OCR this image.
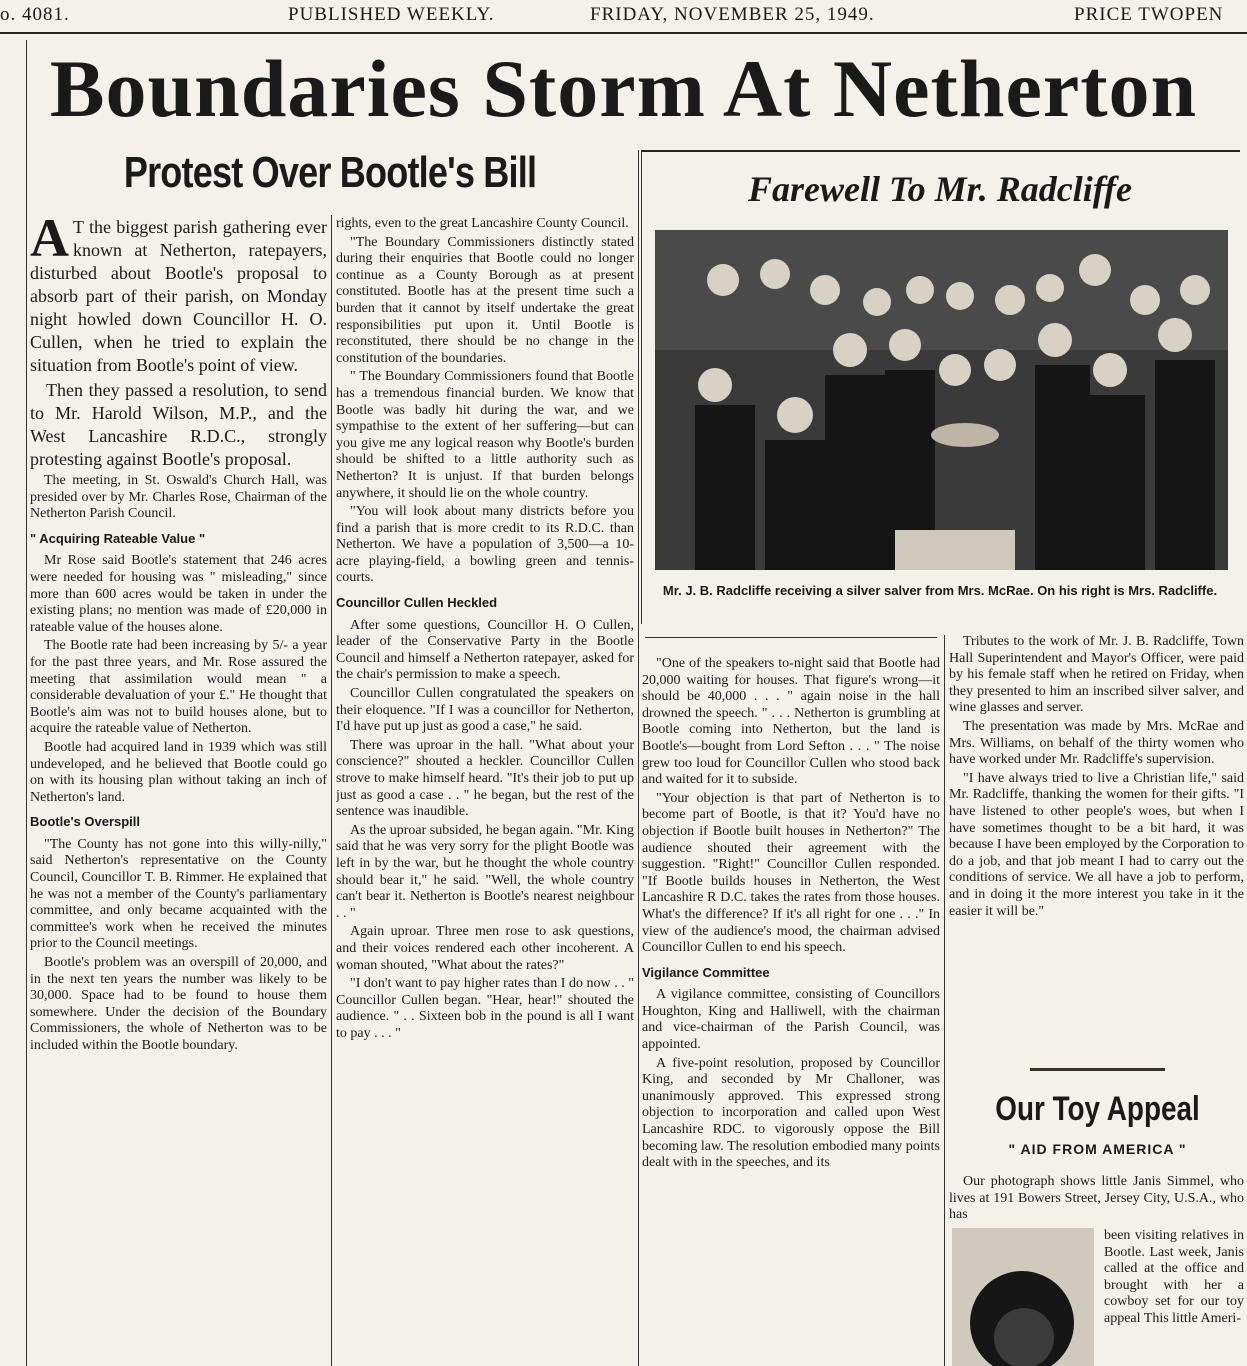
o. 4081.	PUBLISHED WEEKLY.	FRIDAY, NOVEMBER 25, 1949.	PRICE TWOPEN
Boundaries Storm At Netherton
Protest Over Bootle's Bill	Farewell To Mr. Radcliffe
Mr. J. B. Radcliffe receiving a silver salver from Mrs. McRae. On his right is Mrs. Radcliffe.

A T the biggest parish gathering ever known at Netherton, ratepayers, disturbed about Bootle's proposal to absorb part of their parish, on Monday night howled down Councillor H. O. Cullen, when he tried to explain the situation from Bootle's point of view.

Then they passed a resolution, to send to Mr. Harold Wilson, M.P., and the West Lancashire R.D.C., strongly protesting against Bootle's proposal.

The meeting, in St. Oswald's Church Hall, was presided over by Mr. Charles Rose, Chairman of the Netherton Parish Council.

" Acquiring Rateable Value "

Mr Rose said Bootle's statement that 246 acres were needed for housing was " misleading," since more than 600 acres would be taken in under the existing plans; no mention was made of £20,000 in rateable value of the houses alone.

The Bootle rate had been increasing by 5/- a year for the past three years, and Mr. Rose assured the meeting that assimilation would mean " a considerable devaluation of your £." He thought that Bootle's aim was not to build houses alone, but to acquire the rateable value of Netherton.

Bootle had acquired land in 1939 which was still undeveloped, and he believed that Bootle could go on with its housing plan without taking an inch of Netherton's land.

Bootle's Overspill

"The County has not gone into this willy-nilly," said Netherton's representative on the County Council, Councillor T. B. Rimmer. He explained that he was not a member of the County's parliamentary committee, and only became acquainted with the committee's work when he received the minutes prior to the Council meetings.

Bootle's problem was an overspill of 20,000, and in the next ten years the number was likely to be 30,000. Space had to be found to house them somewhere. Under the decision of the Boundary Commissioners, the whole of Netherton was to be included within the Bootle boundary.

rights, even to the great Lancashire County Council.

"The Boundary Commissioners distinctly stated during their enquiries that Bootle could no longer continue as a County Borough as at present constituted. Bootle has at the present time such a burden that it cannot by itself undertake the great responsibilities put upon it. Until Bootle is reconstituted, there should be no change in the constitution of the boundaries.

" The Boundary Commissioners found that Bootle has a tremendous financial burden. We know that Bootle was badly hit during the war, and we sympathise to the extent of her suffering—but can you give me any logical reason why Bootle's burden should be shifted to a little authority such as Netherton? It is unjust. If that burden belongs anywhere, it should lie on the whole country.

"You will look about many districts before you find a parish that is more credit to its R.D.C. than Netherton. We have a population of 3,500—a 10-acre playing-field, a bowling green and tennis-courts.

Councillor Cullen Heckled

After some questions, Councillor H. O Cullen, leader of the Conservative Party in the Bootle Council and himself a Netherton ratepayer, asked for the chair's permission to make a speech.

Councillor Cullen congratulated the speakers on their eloquence. "If I was a councillor for Netherton, I'd have put up just as good a case," he said.

There was uproar in the hall. "What about your conscience?" shouted a heckler. Councillor Cullen strove to make himself heard. "It's their job to put up just as good a case . . " he began, but the rest of the sentence was inaudible.

As the uproar subsided, he began again. "Mr. King said that he was very sorry for the plight Bootle was left in by the war, but he thought the whole country should bear it," he said. "Well, the whole country can't bear it. Netherton is Bootle's nearest neighbour . . "

Again uproar. Three men rose to ask questions, and their voices rendered each other incoherent. A woman shouted, "What about the rates?"

"I don't want to pay higher rates than I do now . . " Councillor Cullen began. "Hear, hear!" shouted the audience. " . . Sixteen bob in the pound is all I want to pay . . . "

"One of the speakers to-night said that Bootle had 20,000 waiting for houses. That figure's wrong—it should be 40,000 . . . " again noise in the hall drowned the speech. " . . . Netherton is grumbling at Bootle coming into Netherton, but the land is Bootle's—bought from Lord Sefton . . . " The noise grew too loud for Councillor Cullen who stood back and waited for it to subside.

"Your objection is that part of Netherton is to become part of Bootle, is that it? You'd have no objection if Bootle built houses in Netherton?" The audience shouted their agreement with the suggestion. "Right!" Councillor Cullen responded. "If Bootle builds houses in Netherton, the West Lancashire R D.C. takes the rates from those houses. What's the difference? If it's all right for one . . ." In view of the audience's mood, the chairman advised Councillor Cullen to end his speech.

Vigilance Committee

A vigilance committee, consisting of Councillors Houghton, King and Halliwell, with the chairman and vice-chairman of the Parish Council, was appointed.

A five-point resolution, proposed by Councillor King, and seconded by Mr Challoner, was unanimously approved. This expressed strong objection to incorporation and called upon West Lancashire RDC. to vigorously oppose the Bill becoming law. The resolution embodied many points dealt with in the speeches, and its

Tributes to the work of Mr. J. B. Radcliffe, Town Hall Superintendent and Mayor's Officer, were paid by his female staff when he retired on Friday, when they presented to him an inscribed silver salver, and wine glasses and server.

The presentation was made by Mrs. McRae and Mrs. Williams, on behalf of the thirty women who have worked under Mr. Radcliffe's supervision.

"I have always tried to live a Christian life," said Mr. Radcliffe, thanking the women for their gifts. "I have listened to other people's woes, but when I have sometimes thought to be a bit hard, it was because I have been employed by the Corporation to do a job, and that job meant I had to carry out the conditions of service. We all have a job to perform, and in doing it the more interest you take in it the easier it will be."

Our Toy Appeal
" AID FROM AMERICA "

Our photograph shows little Janis Simmel, who lives at 191 Bowers Street, Jersey City, U.S.A., who has

been visiting relatives in Bootle. Last week, Janis called at the office and brought with her a cowboy set for our toy appeal This little Ameri-
